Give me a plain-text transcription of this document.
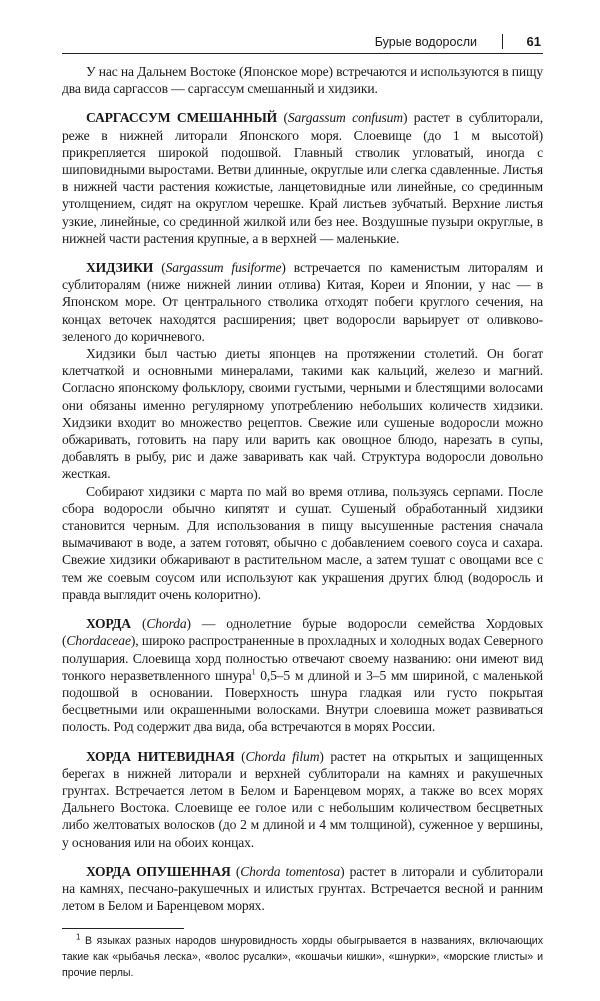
Бурые водоросли	61

У нас на Дальнем Востоке (Японское море) встречаются и используются в пищу два вида саргассов — саргассум смешанный и хидзики.

САРГАССУМ СМЕШАННЫЙ (Sargassum confusum) растет в сублиторали, реже в нижней литорали Японского моря. Слоевище (до 1 м высотой) прикрепляется широкой подошвой. Главный стволик угловатый, иногда с шиповидными выростами. Ветви длинные, округлые или слегка сдавленные. Листья в нижней части растения кожистые, ланцетовидные или линейные, со срединным утолщением, сидят на округлом черешке. Край листьев зубчатый. Верхние листья узкие, линейные, со срединной жилкой или без нее. Воздушные пузыри округлые, в нижней части растения крупные, а в верхней — маленькие.

ХИДЗИКИ (Sargassum fusiforme) встречается по каменистым литоралям и сублиторалям (ниже нижней линии отлива) Китая, Кореи и Японии, у нас — в Японском море. От центрального стволика отходят побеги круглого сечения, на концах веточек находятся расширения; цвет водоросли варьирует от оливково-зеленого до коричневого.

Хидзики был частью диеты японцев на протяжении столетий. Он богат клетчаткой и основными минералами, такими как кальций, железо и магний. Согласно японскому фольклору, своими густыми, черными и блестящими волосами они обязаны именно регулярному употреблению небольших количеств хидзики. Хидзики входит во множество рецептов. Свежие или сушеные водоросли можно обжаривать, готовить на пару или варить как овощное блюдо, нарезать в супы, добавлять в рыбу, рис и даже заваривать как чай. Структура водоросли довольно жесткая.

Собирают хидзики с марта по май во время отлива, пользуясь серпами. После сбора водоросли обычно кипятят и сушат. Сушеный обработанный хидзики становится черным. Для использования в пищу высушенные растения сначала вымачивают в воде, а затем готовят, обычно с добавлением соевого соуса и сахара. Свежие хидзики обжаривают в растительном масле, а затем тушат с овощами все с тем же соевым соусом или используют как украшения других блюд (водоросль и правда выглядит очень колоритно).

ХОРДА (Chorda) — однолетние бурые водоросли семейства Хордовых (Chordaceae), широко распространенные в прохладных и холодных водах Северного полушария. Слоевища хорд полностью отвечают своему названию: они имеют вид тонкого неразветвленного шнура$^1$ 0,5–5 м длиной и 3–5 мм шириной, с маленькой подошвой в основании. Поверхность шнура гладкая или густо покрытая бесцветными или окрашенными волосками. Внутри слоевиша может развиваться полость. Род содержит два вида, оба встречаются в морях России.

ХОРДА НИТЕВИДНАЯ (Chorda filum) растет на открытых и защищенных берегах в нижней литорали и верхней сублиторали на камнях и ракушечных грунтах. Встречается летом в Белом и Баренцевом морях, а также во всех морях Дальнего Востока. Слоевище ее голое или с небольшим количеством бесцветных либо желтоватых волосков (до 2 м длиной и 4 мм толщиной), суженное у вершины, у основания или на обоих концах.

ХОРДА ОПУШЕННАЯ (Chorda tomentosa) растет в литорали и сублиторали на камнях, песчано-ракушечных и илистых грунтах. Встречается весной и ранним летом в Белом и Баренцевом морях.

$^1$ В языках разных народов шнуровидность хорды обыгрывается в названиях, включающих такие как «рыбачья леска», «волос русалки», «кошачьи кишки», «шнурки», «морские глисты» и прочие перлы.
